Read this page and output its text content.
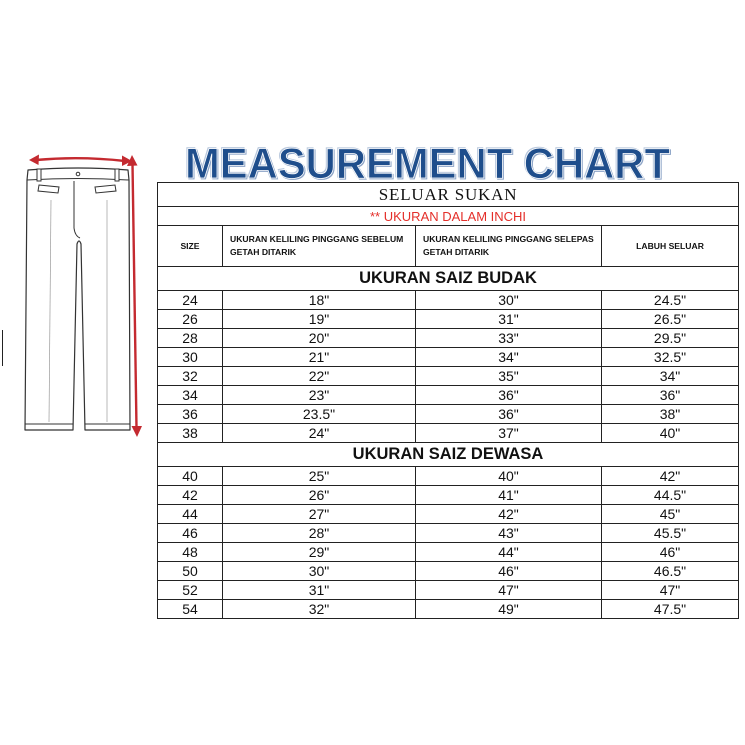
MEASUREMENT CHART
SELUAR SUKAN			
** UKURAN DALAM INCHI			
SIZE	UKURAN KELILING PINGGANG SEBELUM GETAH DITARIK	UKURAN KELILING PINGGANG SELEPAS GETAH DITARIK	LABUH SELUAR
UKURAN SAIZ BUDAK			
24	18"	30"	24.5"
26	19"	31"	26.5"
28	20"	33"	29.5"
30	21"	34"	32.5"
32	22"	35"	34"
34	23"	36"	36"
36	23.5"	36"	38"
38	24"	37"	40"
UKURAN SAIZ DEWASA			
40	25"	40"	42"
42	26"	41"	44.5"
44	27"	42"	45"
46	28"	43"	45.5"
48	29"	44"	46"
50	30"	46"	46.5"
52	31"	47"	47"
54	32"	49"	47.5"
